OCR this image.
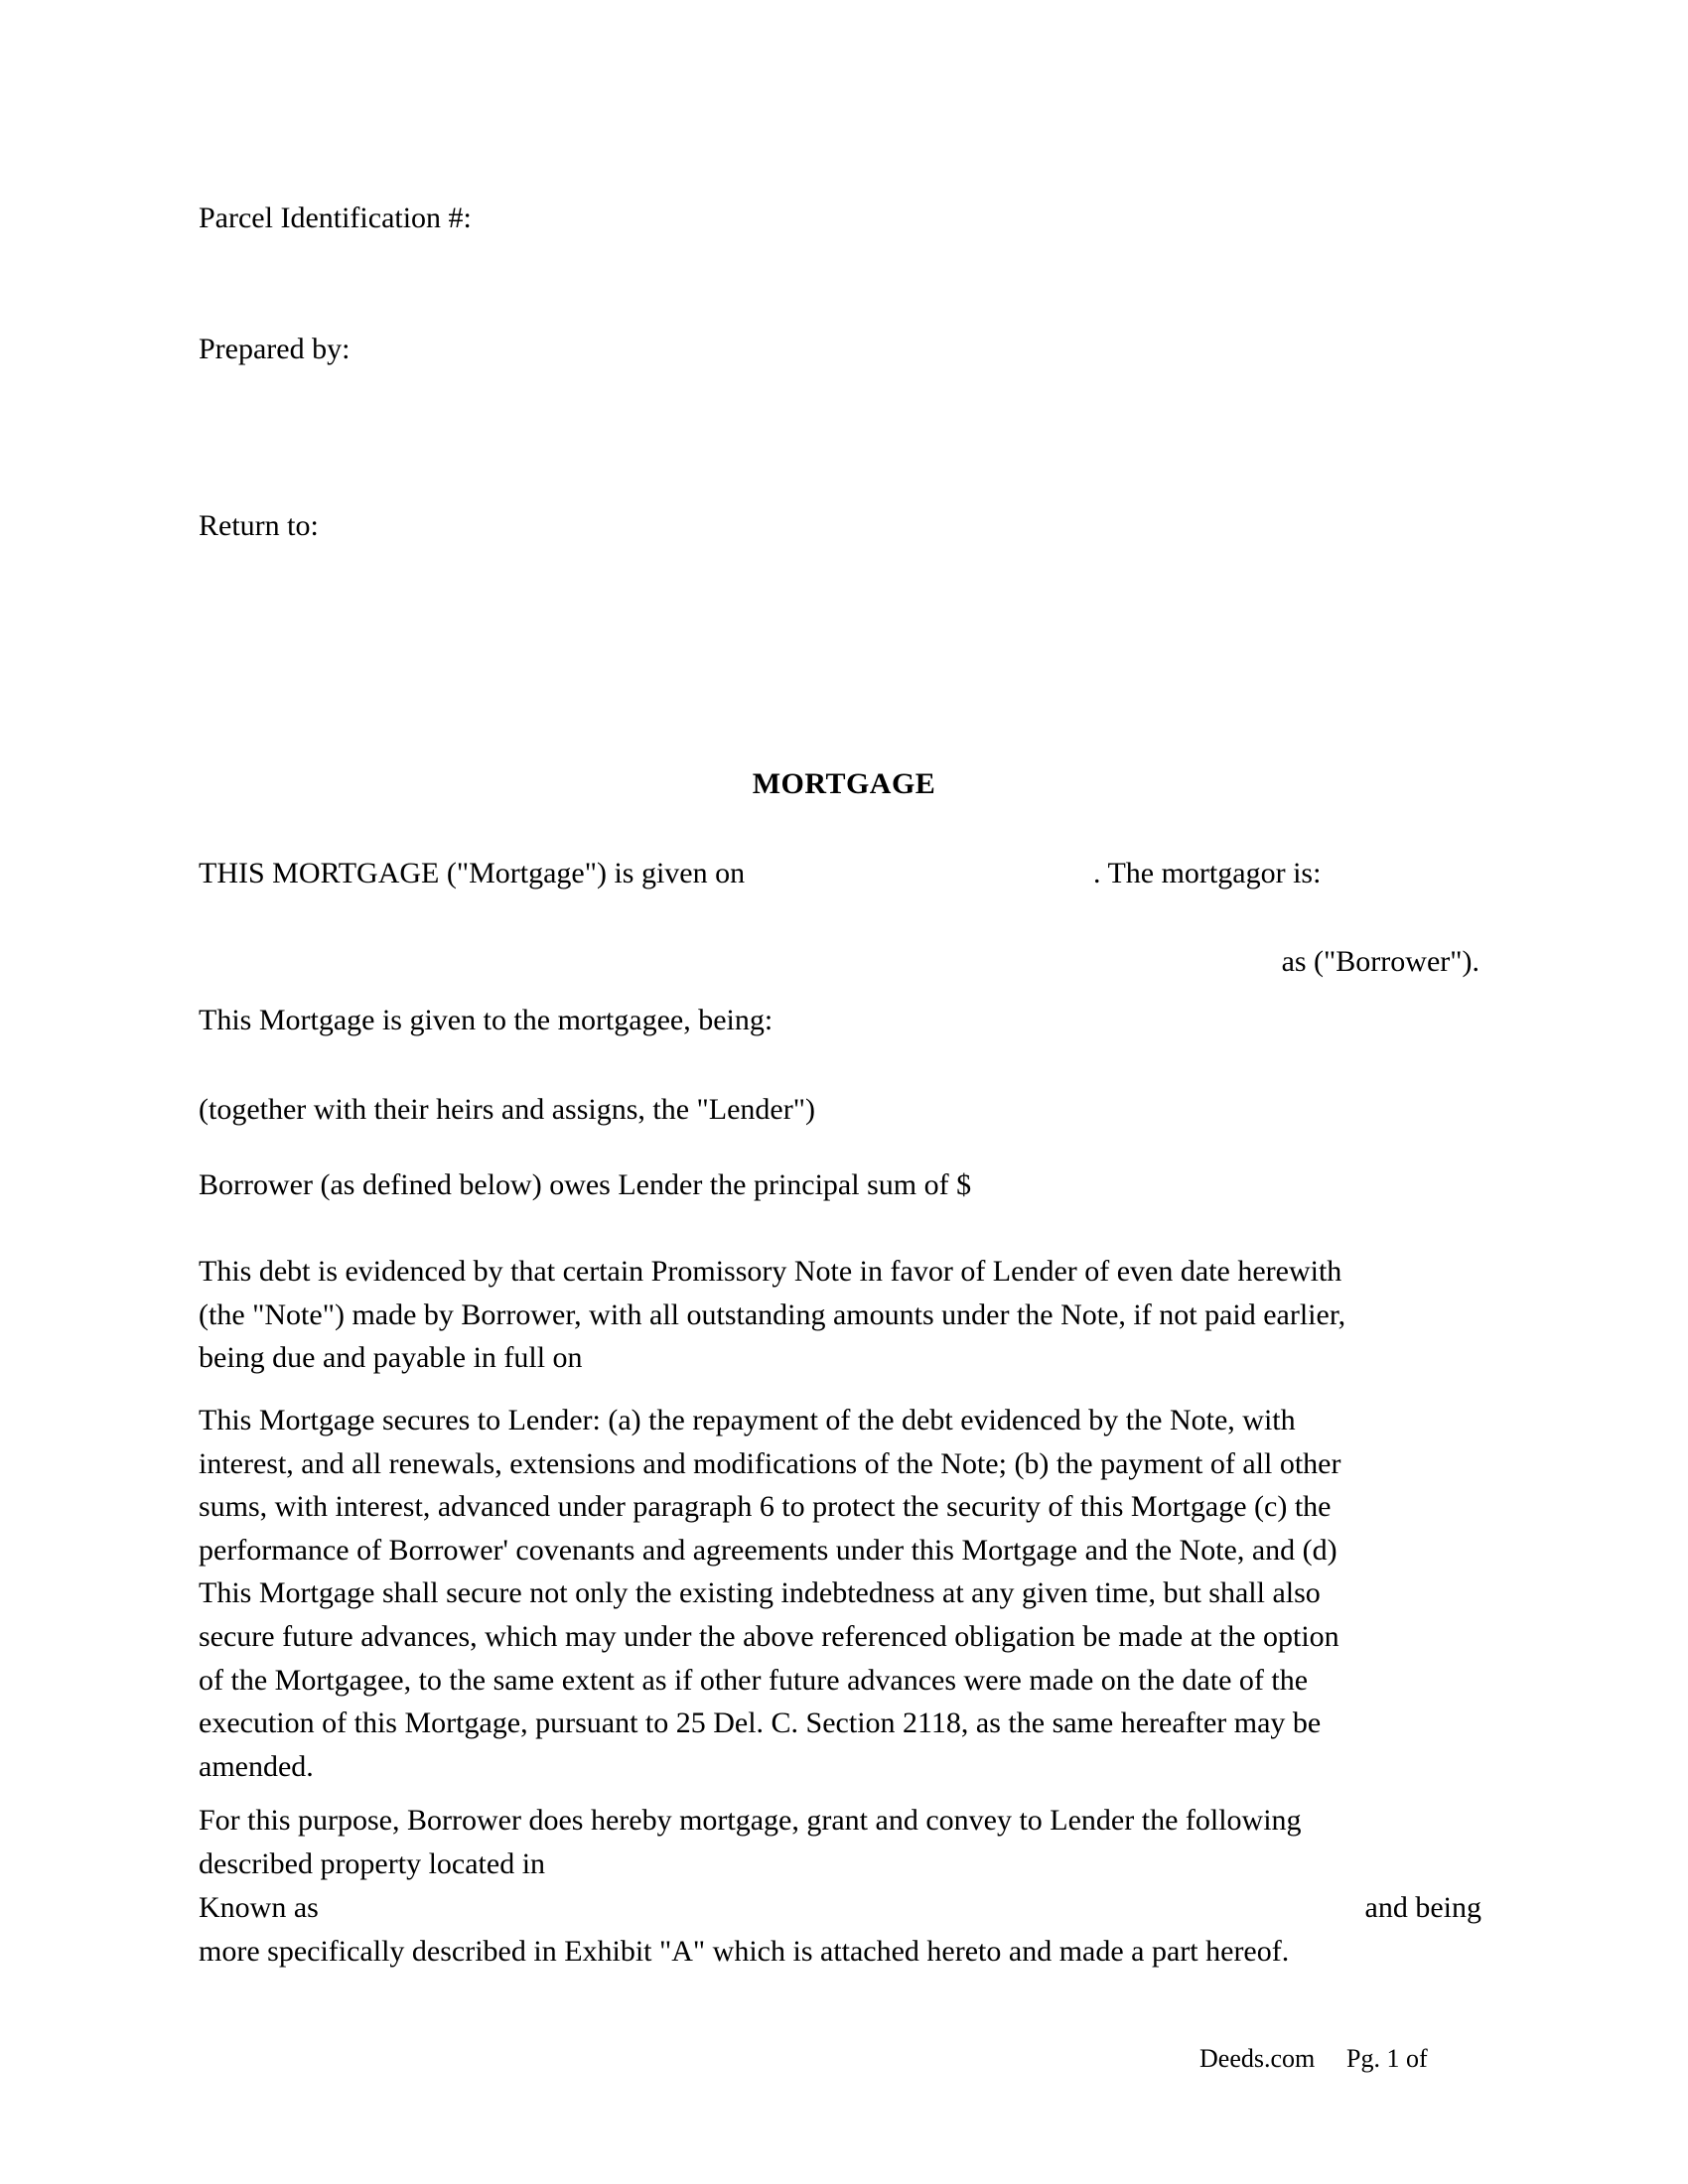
Parcel Identification #:
Prepared by:
Return to:
MORTGAGE
THIS MORTGAGE ("Mortgage") is given on	. The mortgagor is:
as ("Borrower").
This Mortgage is given to the mortgagee, being:
(together with their heirs and assigns, the "Lender")
Borrower (as defined below) owes Lender the principal sum of $
This debt is evidenced by that certain Promissory Note in favor of Lender of even date herewith
(the "Note") made by Borrower, with all outstanding amounts under the Note, if not paid earlier,
being due and payable in full on
This Mortgage secures to Lender: (a) the repayment of the debt evidenced by the Note, with
interest, and all renewals, extensions and modifications of the Note; (b) the payment of all other
sums, with interest, advanced under paragraph 6 to protect the security of this Mortgage (c) the
performance of Borrower' covenants and agreements under this Mortgage and the Note, and (d)
This Mortgage shall secure not only the existing indebtedness at any given time, but shall also
secure future advances, which may under the above referenced obligation be made at the option
of the Mortgagee, to the same extent as if other future advances were made on the date of the
execution of this Mortgage, pursuant to 25 Del. C. Section 2118, as the same hereafter may be
amended.
For this purpose, Borrower does hereby mortgage, grant and convey to Lender the following
described property located in
Known as	and being
more specifically described in Exhibit "A" which is attached hereto and made a part hereof.
Deeds.com Pg. 1 of
